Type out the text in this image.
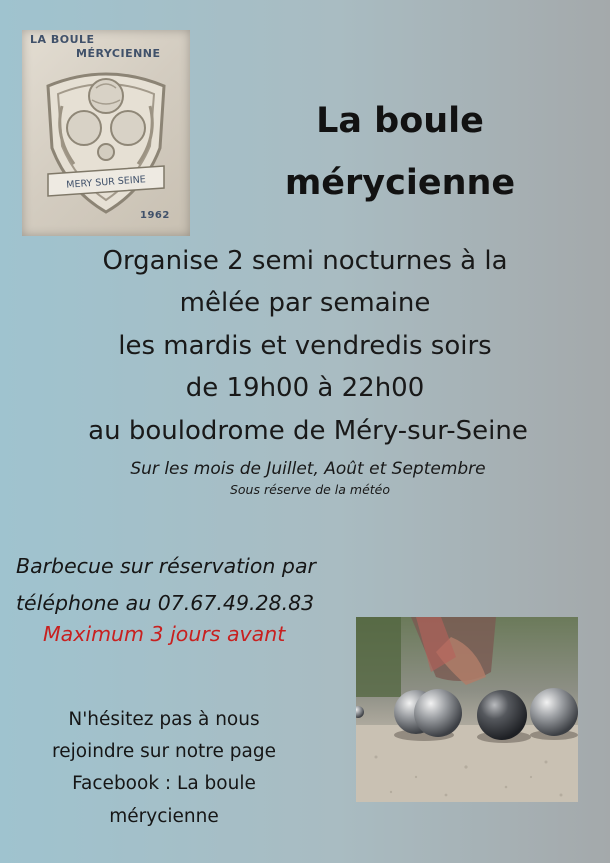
LA BOULE
MÉRYCIENNE
MERY SUR SEINE
1962
La boule
mérycienne

Organise 2 semi nocturnes à la

mêlée par semaine

les mardis et vendredis soirs

de 19h00 à 22h00

au boulodrome de Méry-sur-Seine

Sur les mois de Juillet, Août et Septembre

Sous réserve de la météo

Barbecue sur réservation par

téléphone au 07.67.49.28.83

Maximum 3 jours avant

N'hésitez pas à nous
rejoindre sur notre page
Facebook : La boule
mérycienne
